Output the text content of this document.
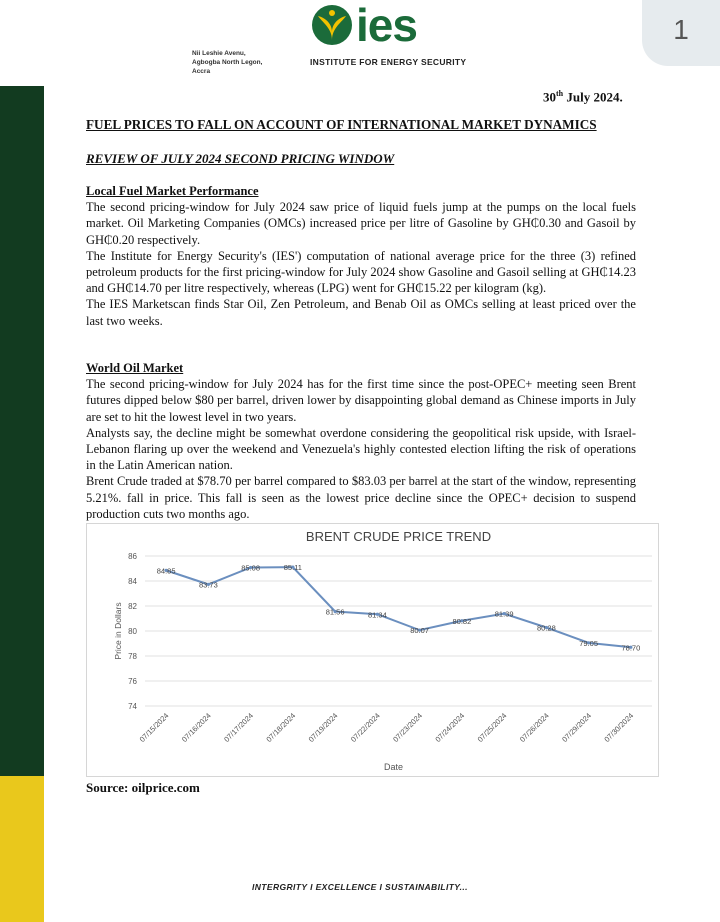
1
ies
INSTITUTE FOR ENERGY SECURITY
Nii Leshie Avenu,
Agbogba North Legon,
Accra
30th July 2024.
FUEL PRICES TO FALL ON ACCOUNT OF INTERNATIONAL MARKET DYNAMICS
REVIEW OF JULY 2024 SECOND PRICING WINDOW
Local Fuel Market Performance

The second pricing-window for July 2024 saw price of liquid fuels jump at the pumps on the local fuels market. Oil Marketing Companies (OMCs) increased price per litre of Gasoline by GH₵0.30 and Gasoil by GH₵0.20 respectively.

The Institute for Energy Security's (IES') computation of national average price for the three (3) refined petroleum products for the first pricing-window for July 2024 show Gasoline and Gasoil selling at GH₵14.23 and GH₵14.70 per litre respectively, whereas (LPG) went for GH₵15.22 per kilogram (kg).

The IES Marketscan finds Star Oil, Zen Petroleum, and Benab Oil as OMCs selling at least priced over the last two weeks.

World Oil Market

The second pricing-window for July 2024 has for the first time since the post-OPEC+ meeting seen Brent futures dipped below $80 per barrel, driven lower by disappointing global demand as Chinese imports in July are set to hit the lowest level in two years.

Analysts say, the decline might be somewhat overdone considering the geopolitical risk upside, with Israel-Lebanon flaring up over the weekend and Venezuela's highly contested election lifting the risk of operations in the Latin American nation.

Brent Crude traded at $78.70 per barrel compared to $83.03 per barrel at the start of the window, representing 5.21%. fall in price. This fall is seen as the lowest price decline since the OPEC+ decision to suspend production cuts two months ago.

BRENT CRUDE PRICE TREND
74
76
78
80
82
84
86
Price in Dollars
07/15/2024 07/16/2024 07/17/2024 07/18/2024 07/19/2024 07/22/2024 07/23/2024 07/24/2024 07/25/2024 07/26/2024 07/29/2024 07/30/2024
Date
84.85
83.73
85.08	85.11
81.56	81.34
80.07
80.82
81.39
80.28
79.05	78.70
Source: oilprice.com
INTERGRITY I EXCELLENCE I SUSTAINABILITY...
